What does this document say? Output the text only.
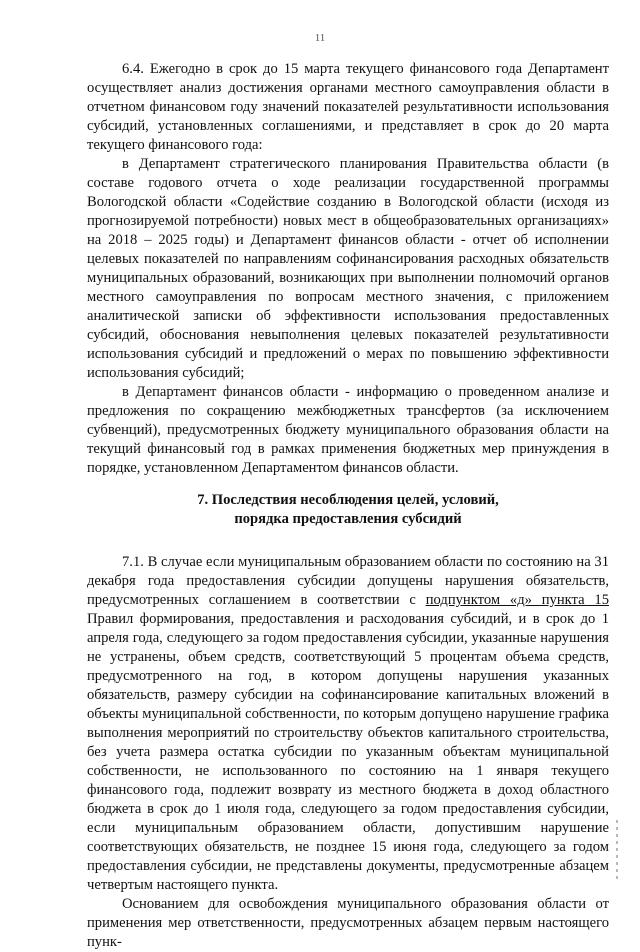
11

6.4. Ежегодно в срок до 15 марта текущего финансового года Департамент осуществляет анализ достижения органами местного самоуправления области в отчетном финансовом году значений показателей результативности использования субсидий, установленных соглашениями, и представляет в срок до 20 марта текущего финансового года:

в Департамент стратегического планирования Правительства области (в составе годового отчета о ходе реализации государственной программы Вологодской области «Содействие созданию в Вологодской области (исходя из прогнозируемой потребности) новых мест в общеобразовательных организациях» на 2018 – 2025 годы) и Департамент финансов области - отчет об исполнении целевых показателей по направлениям софинансирования расходных обязательств муниципальных образований, возникающих при выполнении полномочий органов местного самоуправления по вопросам местного значения, с приложением аналитической записки об эффективности использования предоставленных субсидий, обоснования невыполнения целевых показателей результативности использования субсидий и предложений о мерах по повышению эффективности использования субсидий;

в Департамент финансов области - информацию о проведенном анализе и предложения по сокращению межбюджетных трансфертов (за исключением субвенций), предусмотренных бюджету муниципального образования области на текущий финансовый год в рамках применения бюджетных мер принуждения в порядке, установленном Департаментом финансов области.

7. Последствия несоблюдения целей, условий,
порядка предоставления субсидий

7.1. В случае если муниципальным образованием области по состоянию на 31 декабря года предоставления субсидии допущены нарушения обязательств, предусмотренных соглашением в соответствии с подпунктом «д» пункта 15 Правил формирования, предоставления и расходования субсидий, и в срок до 1 апреля года, следующего за годом предоставления субсидии, указанные нарушения не устранены, объем средств, соответствующий 5 процентам объема средств, предусмотренного на год, в котором допущены нарушения указанных обязательств, размеру субсидии на софинансирование капитальных вложений в объекты муниципальной собственности, по которым допущено нарушение графика выполнения мероприятий по строительству объектов капитального строительства, без учета размера остатка субсидии по указанным объектам муниципальной собственности, не использованного по состоянию на 1 января текущего финансового года, подлежит возврату из местного бюджета в доход областного бюджета в срок до 1 июля года, следующего за годом предоставления субсидии, если муниципальным образованием области, допустившим нарушение соответствующих обязательств, не позднее 15 июня года, следующего за годом предоставления субсидии, не представлены документы, предусмотренные абзацем четвертым настоящего пункта.

Основанием для освобождения муниципального образования области от применения мер ответственности, предусмотренных абзацем первым настоящего пунк-
